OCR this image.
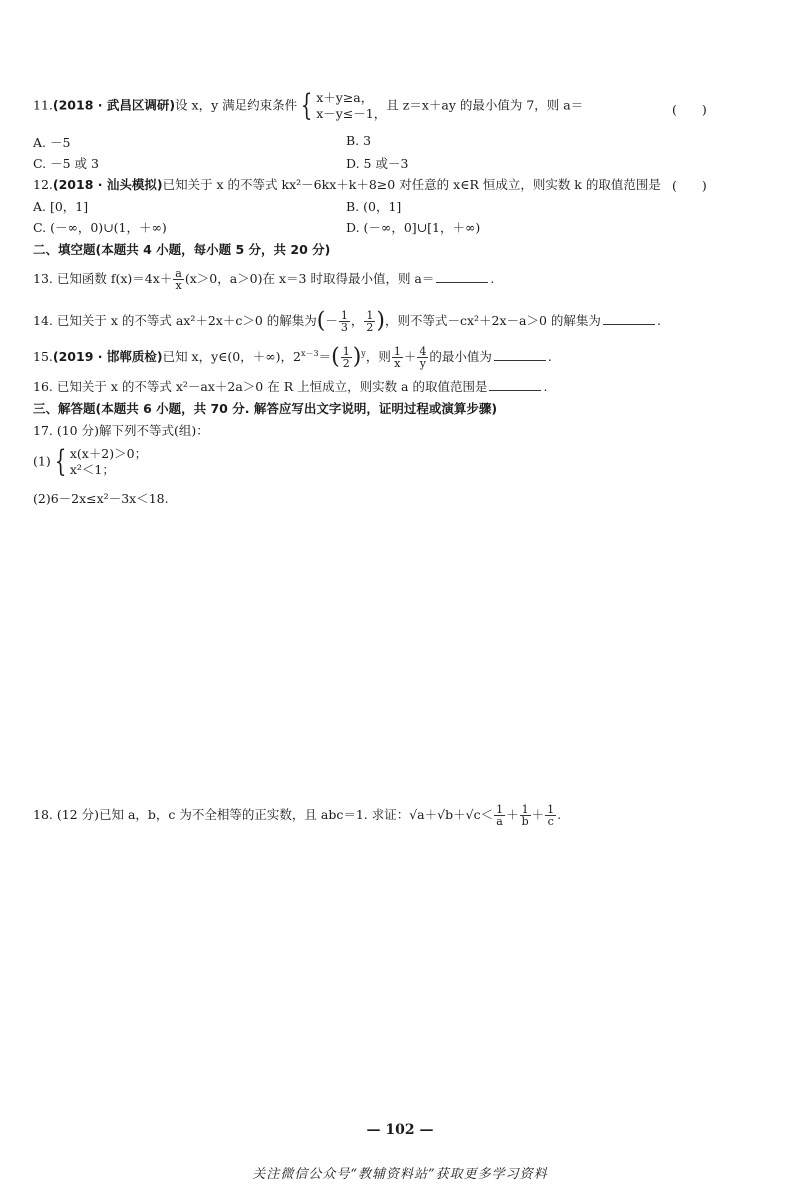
11.(2018 · 武昌区调研)设 x，y 满足约束条件 { x＋y≥a，
x－y≤－1，
且 z＝x＋ay 的最小值为 7，则 a＝	(　　)
A. －5	B. 3
C. －5 或 3	D. 5 或－3
12.(2018 · 汕头模拟)已知关于 x 的不等式 kx²－6kx＋k＋8≥0 对任意的 x∈R 恒成立，则实数 k 的取值范围是 (　　)
A. [0，1]	B. (0，1]
C. (－∞，0)∪(1，＋∞)	D. (－∞，0]∪[1，＋∞)
二、填空题(本题共 4 小题，每小题 5 分，共 20 分)
13. 已知函数 $f(x)=4x+ \frac{a}{x} (x>0$，a＞0)在 x＝3 时取得最小值，则 a＝	.
14. 已知关于 x 的不等式 ax²＋2x＋c＞0 的解集为(－ $\frac{1}{3}$ ， $\frac{1}{2}$ )，则不等式－cx²＋2x－a＞0 的解集为	.
15.(2019 · 邯郸质检)已知 x，y∈(0，＋∞)，$2^{x-3}=( \frac{1}{2} )^y$，则 $\frac{1}{x} + \frac{4}{y}$ 的最小值为	.
16. 已知关于 x 的不等式 x²－ax＋2a＞0 在 R 上恒成立，则实数 a 的取值范围是	.
三、解答题(本题共 6 小题，共 70 分. 解答应写出文字说明，证明过程或演算步骤)
17. (10 分)解下列不等式(组)：
(1) { x(x＋2)＞0；
x²＜1；
(2)6－2x≤x²－3x＜18.
18. (12 分)已知 a，b，c 为不全相等的正实数，且 abc＝1. 求证：$√a+√b+√c< \frac{1}{a} + \frac{1}{b} + \frac{1}{c}$ .
— 102 —
关注微信公众号“教辅资料站”获取更多学习资料
